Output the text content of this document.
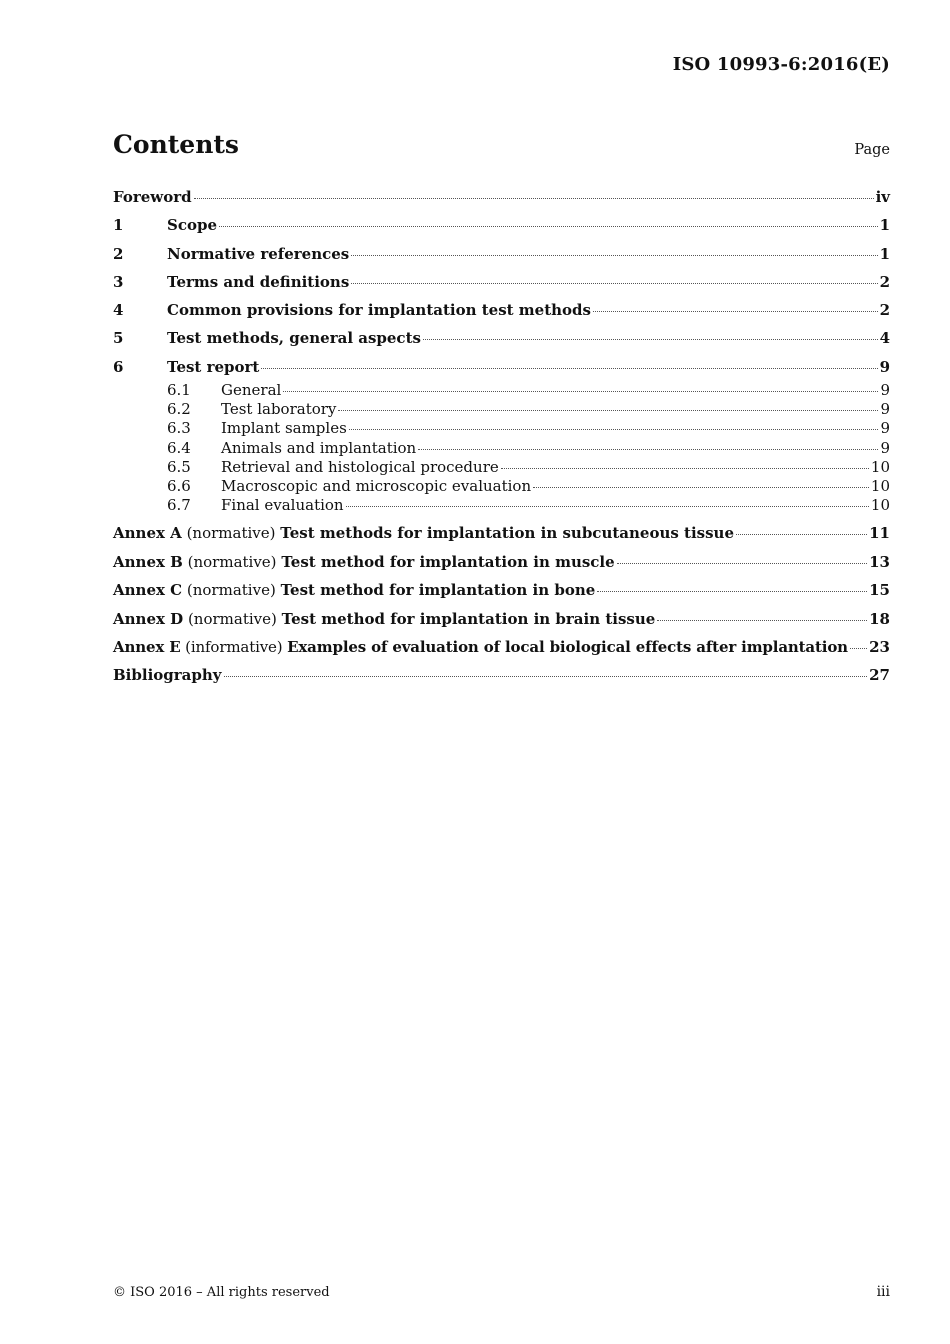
ISO 10993-6:2016(E)
Contents	Page
Foreword	iv
1	Scope	1
2	Normative references	1
3	Terms and definitions	2
4	Common provisions for implantation test methods	2
5	Test methods, general aspects	4
6	Test report	9
6.1	General	9
6.2	Test laboratory	9
6.3	Implant samples	9
6.4	Animals and implantation	9
6.5	Retrieval and histological procedure	10
6.6	Macroscopic and microscopic evaluation	10
6.7	Final evaluation	10
Annex A (normative) Test methods for implantation in subcutaneous tissue	11
Annex B (normative) Test method for implantation in muscle	13
Annex C (normative) Test method for implantation in bone	15
Annex D (normative) Test method for implantation in brain tissue	18
Annex E (informative) Examples of evaluation of local biological effects after implantation 23
Bibliography	27
© ISO 2016 – All rights reserved	iii
